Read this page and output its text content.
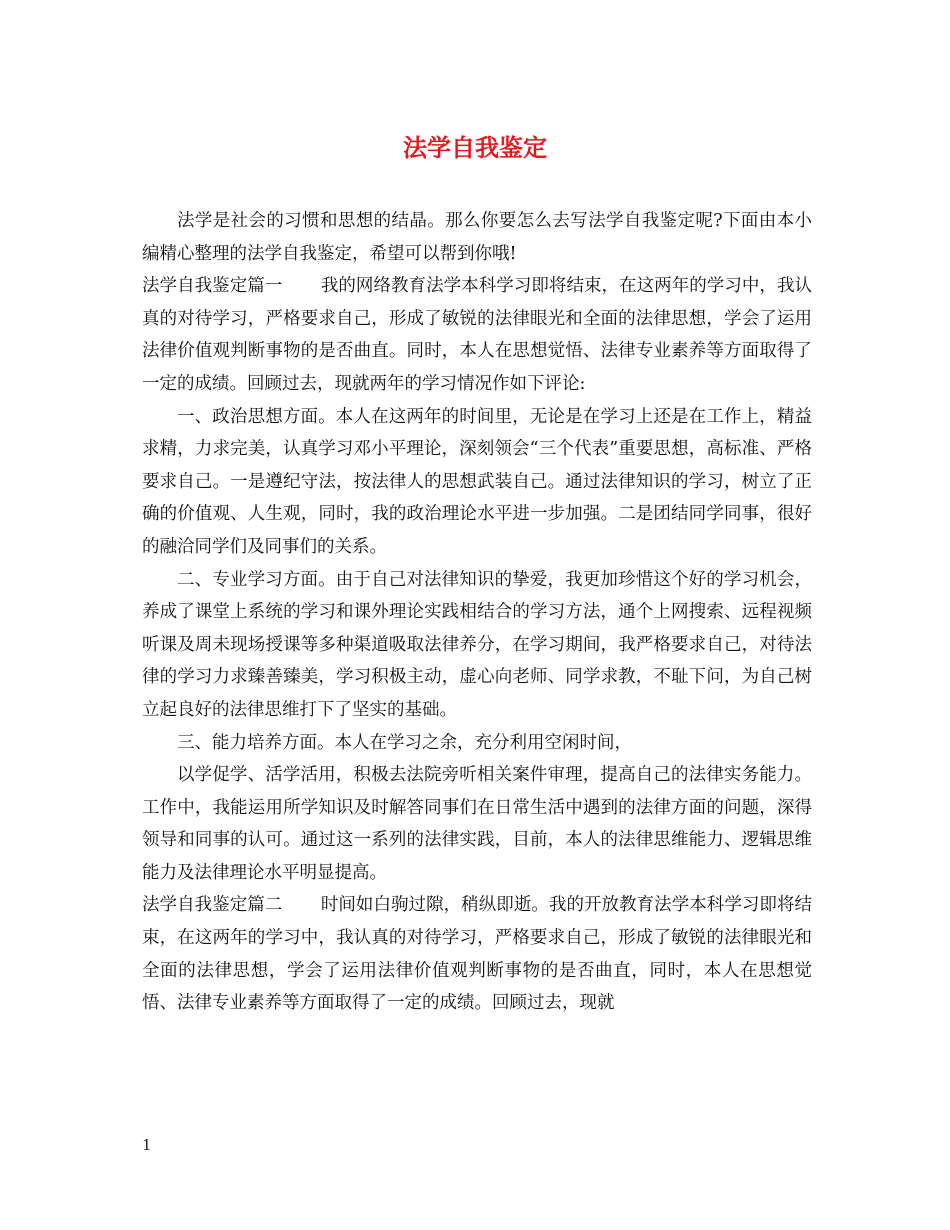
法学自我鉴定

法学是社会的习惯和思想的结晶。那么你要怎么去写法学自我鉴定呢?下面由本小编精心整理的法学自我鉴定，希望可以帮到你哦!

法学自我鉴定篇一 我的网络教育法学本科学习即将结束，在这两年的学习中，我认真的对待学习，严格要求自己，形成了敏锐的法律眼光和全面的法律思想，学会了运用法律价值观判断事物的是否曲直。同时，本人在思想觉悟、法律专业素养等方面取得了一定的成绩。回顾过去，现就两年的学习情况作如下评论:

一、政治思想方面。本人在这两年的时间里，无论是在学习上还是在工作上，精益求精，力求完美，认真学习邓小平理论，深刻领会“三个代表”重要思想，高标准、严格要求自己。一是遵纪守法，按法律人的思想武装自己。通过法律知识的学习，树立了正确的价值观、人生观，同时，我的政治理论水平进一步加强。二是团结同学同事，很好的融洽同学们及同事们的关系。

二、专业学习方面。由于自己对法律知识的挚爱，我更加珍惜这个好的学习机会，养成了课堂上系统的学习和课外理论实践相结合的学习方法，通个上网搜索、远程视频听课及周未现场授课等多种渠道吸取法律养分，在学习期间，我严格要求自己，对待法律的学习力求臻善臻美，学习积极主动，虚心向老师、同学求教，不耻下问，为自己树立起良好的法律思维打下了坚实的基础。

三、能力培养方面。本人在学习之余，充分利用空闲时间，

以学促学、活学活用，积极去法院旁听相关案件审理，提高自己的法律实务能力。工作中，我能运用所学知识及时解答同事们在日常生活中遇到的法律方面的问题，深得领导和同事的认可。通过这一系列的法律实践，目前，本人的法律思维能力、逻辑思维能力及法律理论水平明显提高。

法学自我鉴定篇二 时间如白驹过隙，稍纵即逝。我的开放教育法学本科学习即将结束，在这两年的学习中，我认真的对待学习，严格要求自己，形成了敏锐的法律眼光和全面的法律思想，学会了运用法律价值观判断事物的是否曲直，同时，本人在思想觉悟、法律专业素养等方面取得了一定的成绩。回顾过去，现就

1
